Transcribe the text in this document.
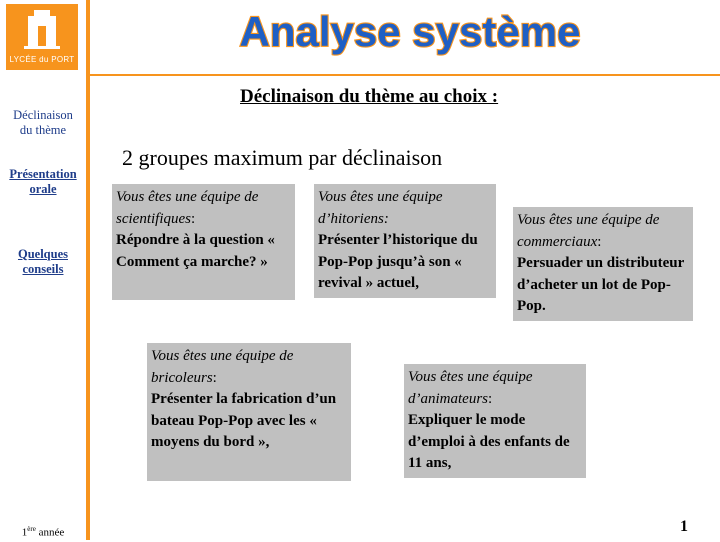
LYCÉE du PORT
Déclinaison
du thème
Présentation
orale
Quelques
conseils
1ère année
Analyse système
Déclinaison du thème au choix :
2 groupes maximum par déclinaison
Vous êtes une équipe de scientifiques:
Répondre à la question « Comment ça marche? »
Vous êtes une équipe d’hitoriens:
Présenter l’historique du Pop-Pop jusqu’à son « revival » actuel,
Vous êtes une équipe de commerciaux:
Persuader un distributeur d’acheter un lot de Pop-Pop.
Vous êtes une équipe de bricoleurs:
Présenter la fabrication d’un bateau Pop-Pop avec les « moyens du bord »,
Vous êtes une équipe d’animateurs:
Expliquer le mode d’emploi à des enfants de 11 ans,
1
